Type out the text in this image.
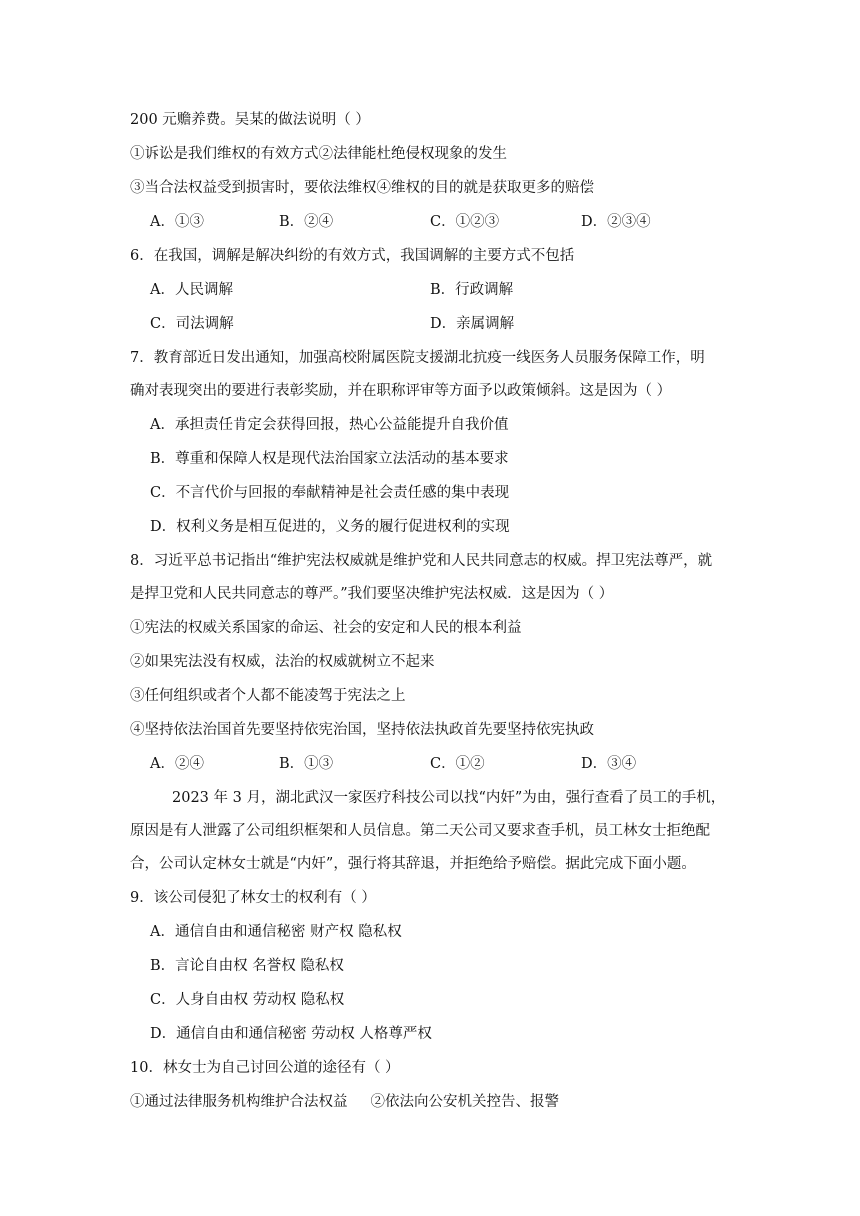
200 元赡养费。吴某的做法说明（ ）
①诉讼是我们维权的有效方式②法律能杜绝侵权现象的发生
③当合法权益受到损害时，要依法维权④维权的目的就是获取更多的赔偿
A．①③	B．②④	C．①②③	D．②③④
6．在我国，调解是解决纠纷的有效方式，我国调解的主要方式不包括
A．人民调解	B．行政调解
C．司法调解	D．亲属调解
7．教育部近日发出通知，加强高校附属医院支援湖北抗疫一线医务人员服务保障工作，明
确对表现突出的要进行表彰奖励，并在职称评审等方面予以政策倾斜。这是因为（ ）
A．承担责任肯定会获得回报，热心公益能提升自我价值
B．尊重和保障人权是现代法治国家立法活动的基本要求
C．不言代价与回报的奉献精神是社会责任感的集中表现
D．权利义务是相互促进的，义务的履行促进权利的实现
8．习近平总书记指出“维护宪法权威就是维护党和人民共同意志的权威。捍卫宪法尊严，就
是捍卫党和人民共同意志的尊严。”我们要坚决维护宪法权威．这是因为（ ）
①宪法的权威关系国家的命运、社会的安定和人民的根本利益
②如果宪法没有权威，法治的权威就树立不起来
③任何组织或者个人都不能凌驾于宪法之上
④坚持依法治国首先要坚持依宪治国，坚持依法执政首先要坚持依宪执政
A．②④	B．①③	C．①②	D．③④
2023 年 3 月，湖北武汉一家医疗科技公司以找“内奸”为由，强行查看了员工的手机，
原因是有人泄露了公司组织框架和人员信息。第二天公司又要求查手机，员工林女士拒绝配
合，公司认定林女士就是“内奸”，强行将其辞退，并拒绝给予赔偿。据此完成下面小题。
9．该公司侵犯了林女士的权利有（ ）
A．通信自由和通信秘密 财产权 隐私权
B．言论自由权 名誉权 隐私权
C．人身自由权 劳动权 隐私权
D．通信自由和通信秘密 劳动权 人格尊严权
10．林女士为自己讨回公道的途径有（ ）
①通过法律服务机构维护合法权益     ②依法向公安机关控告、报警
